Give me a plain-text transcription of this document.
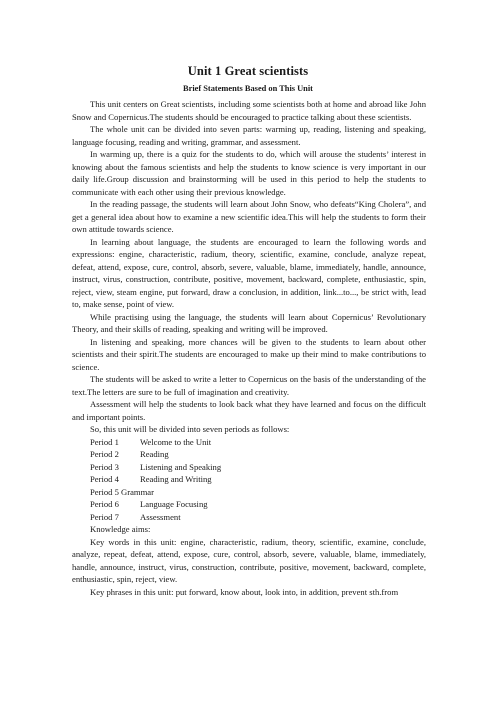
Unit 1 Great scientists
Brief Statements Based on This Unit

This unit centers on Great scientists, including some scientists both at home and abroad like John Snow and Copernicus.The students should be encouraged to practice talking about these scientists.

The whole unit can be divided into seven parts: warming up, reading, listening and speaking, language focusing, reading and writing, grammar, and assessment.

In warming up, there is a quiz for the students to do, which will arouse the students’ interest in knowing about the famous scientists and help the students to know science is very important in our daily life.Group discussion and brainstorming will be used in this period to help the students to communicate with each other using their previous knowledge.

In the reading passage, the students will learn about John Snow, who defeats“King Cholera”, and get a general idea about how to examine a new scientific idea.This will help the students to form their own attitude towards science.

In learning about language, the students are encouraged to learn the following words and expressions: engine, characteristic, radium, theory, scientific, examine, conclude, analyze repeat, defeat, attend, expose, cure, control, absorb, severe, valuable, blame, immediately, handle, announce, instruct, virus, construction, contribute, positive, movement, backward, complete, enthusiastic, spin, reject, view, steam engine, put forward, draw a conclusion, in addition, link...to..., be strict with, lead to, make sense, point of view.

While practising using the language, the students will learn about Copernicus’ Revolutionary Theory, and their skills of reading, speaking and writing will be improved.

In listening and speaking, more chances will be given to the students to learn about other scientists and their spirit.The students are encouraged to make up their mind to make contributions to science.

The students will be asked to write a letter to Copernicus on the basis of the understanding of the text.The letters are sure to be full of imagination and creativity.

Assessment will help the students to look back what they have learned and focus on the difficult and important points.

So, this unit will be divided into seven periods as follows:

Period 1 Welcome to the Unit
Period 2 Reading
Period 3 Listening and Speaking
Period 4 Reading and Writing
Period 5 Grammar
Period 6 Language Focusing
Period 7 Assessment

Knowledge aims:

Key words in this unit: engine, characteristic, radium, theory, scientific, examine, conclude, analyze, repeat, defeat, attend, expose, cure, control, absorb, severe, valuable, blame, immediately, handle, announce, instruct, virus, construction, contribute, positive, movement, backward, complete, enthusiastic, spin, reject, view.

Key phrases in this unit: put forward, know about, look into, in addition, prevent sth.from
